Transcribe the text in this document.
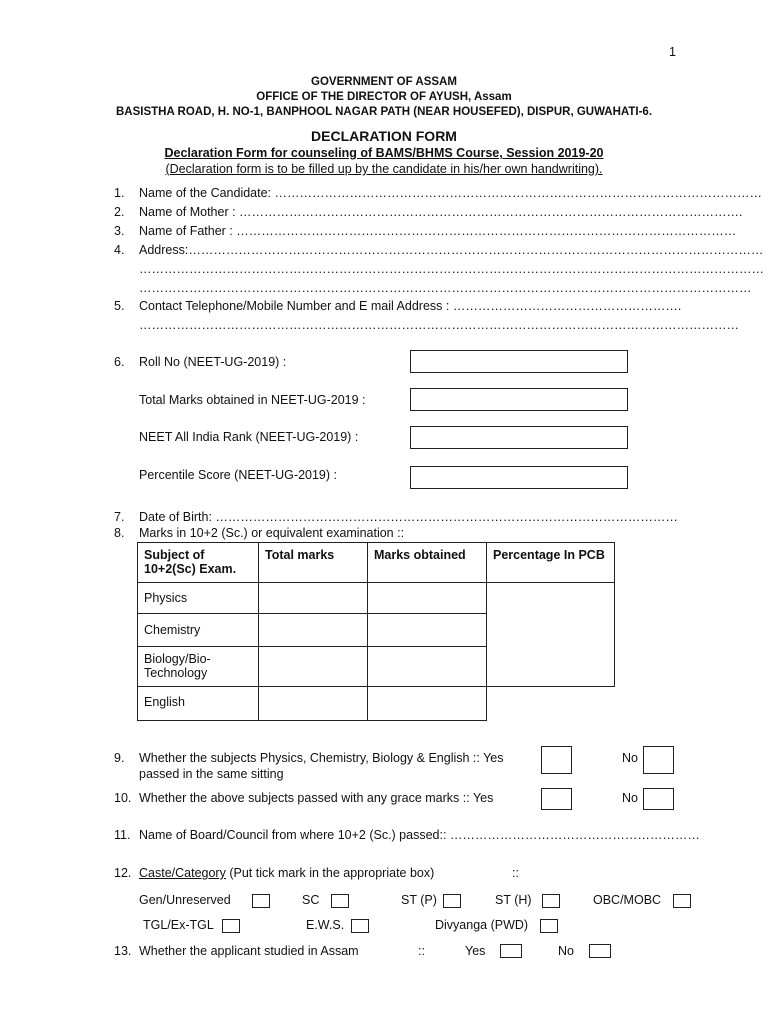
1
GOVERNMENT OF ASSAM
OFFICE OF THE DIRECTOR OF AYUSH, Assam
BASISTHA ROAD, H. NO-1, BANPHOOL NAGAR PATH (NEAR HOUSEFED), DISPUR, GUWAHATI-6.
DECLARATION FORM
Declaration Form for counseling of BAMS/BHMS Course, Session 2019-20
(Declaration form is to be filled up by the candidate in his/her own handwriting).
1. Name of the Candidate: ………………………………………………………………………………………………………
2. Name of Mother : ………………………………………………………………………………………………………….
3. Name of Father : …………………………………………………………………………………………………………
4. Address:…………………………………………………………………………………………………………………………
……………………………………………………………………………………………………………………………………
…………………………………………………………………………………………………………………………………
5. Contact Telephone/Mobile Number and E mail Address : ……………………………………………….
………………………………………………………………………………………………………………………………
6. Roll No (NEET-UG-2019) :
Total Marks obtained in NEET-UG-2019 :
NEET All India Rank (NEET-UG-2019) :
Percentile Score (NEET-UG-2019) :
7. Date of Birth: …………………………………………………………………………………………………
8. Marks in 10+2 (Sc.) or equivalent examination ::
Subject of 10+2(Sc) Exam.	Total marks	Marks obtained	Percentage In PCB
Physics			
Chemistry			
Biology/Bio-Technology			
English			
9. Whether the subjects Physics, Chemistry, Biology & English :: Yes
passed in the same sitting
No
10. Whether the above subjects passed with any grace marks :: Yes	No
11. Name of Board/Council from where 10+2 (Sc.) passed:: ……………………………………………………
12. Caste/Category (Put tick mark in the appropriate box)	::
Gen/Unreserved	SC	ST (P)	ST (H)	OBC/MOBC
TGL/Ex-TGL	E.W.S.	Divyanga (PWD)
13. Whether the applicant studied in Assam	::	Yes	No
